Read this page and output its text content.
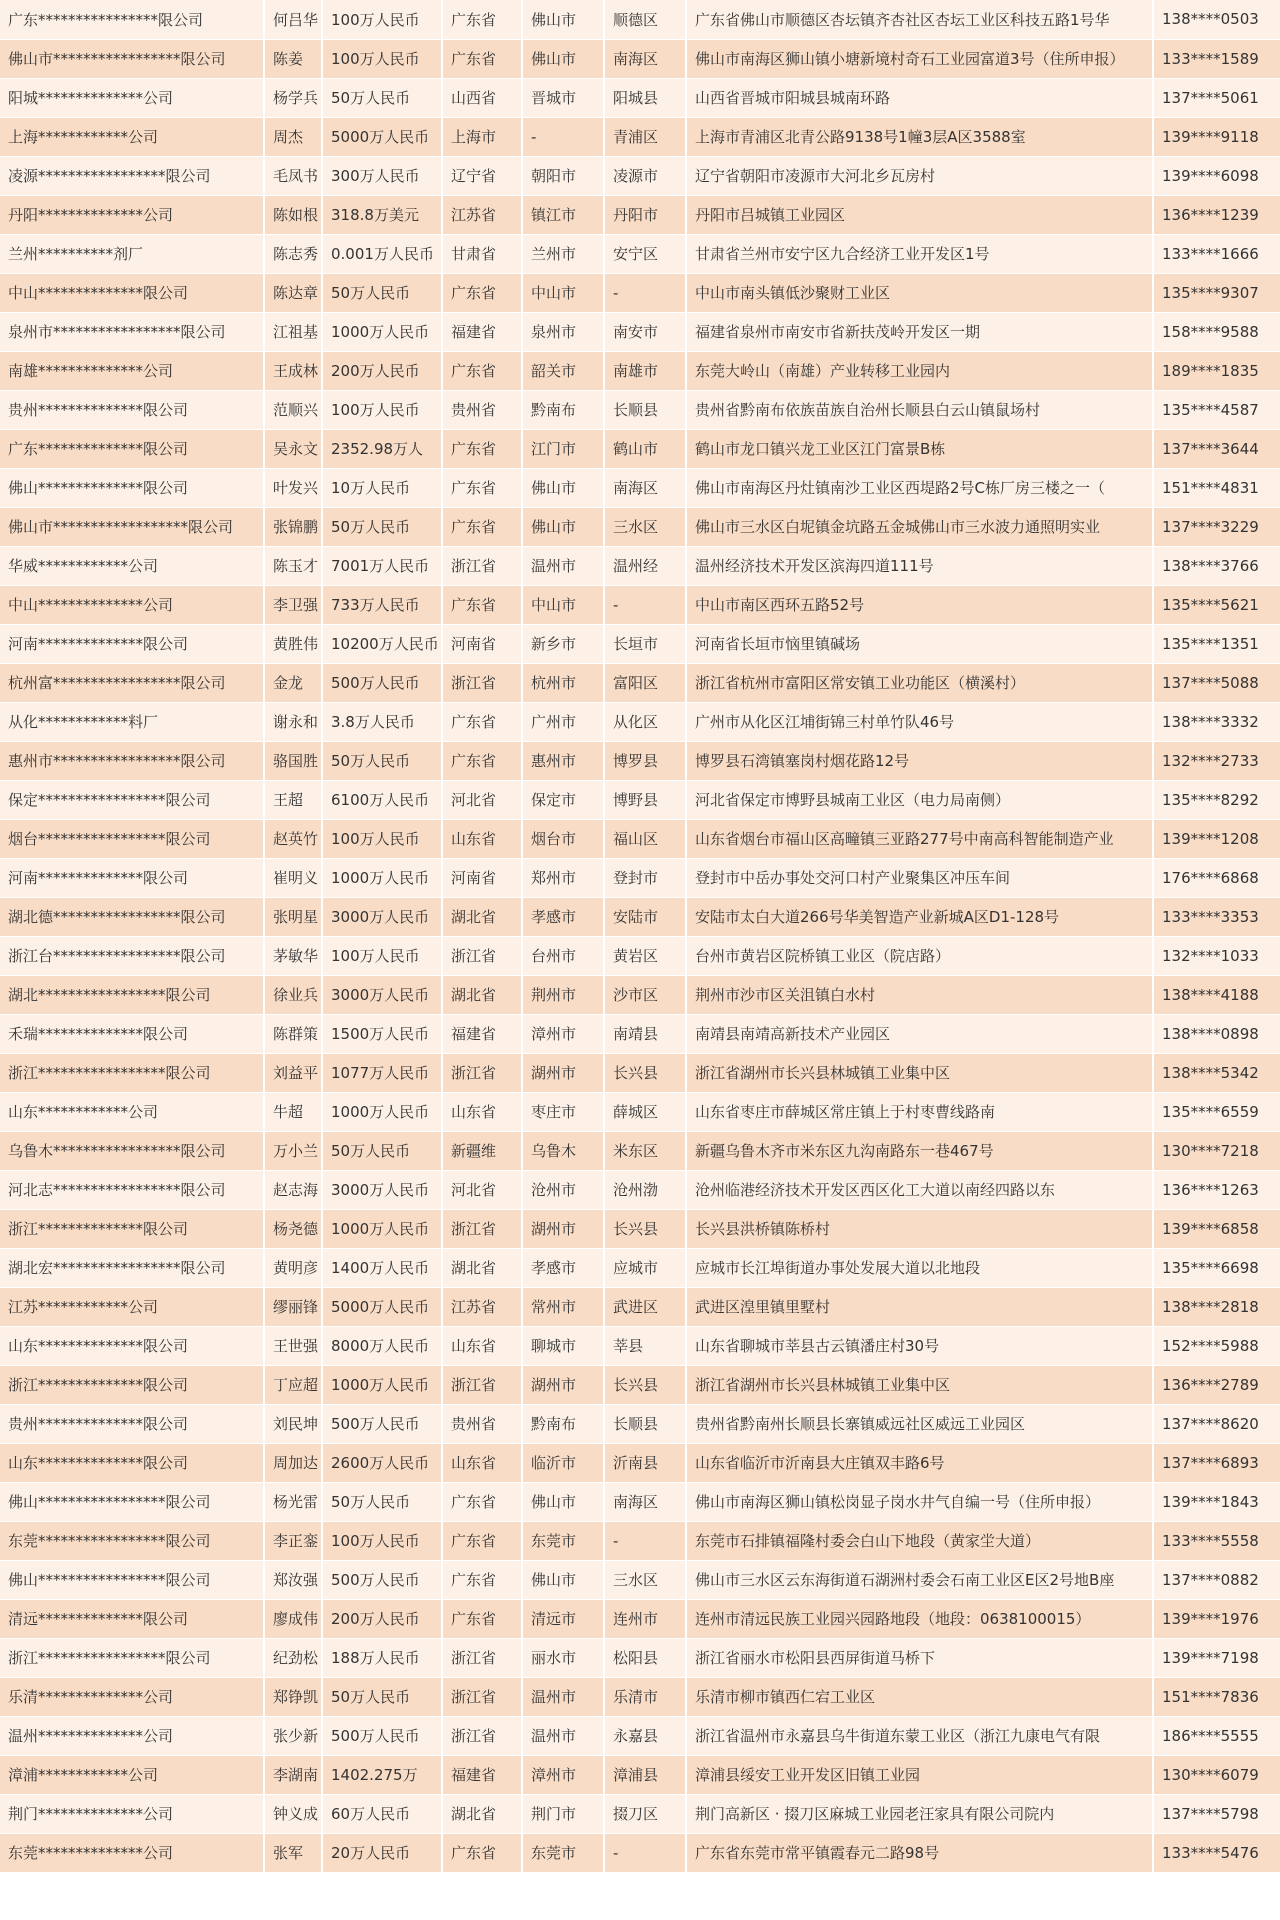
广东****************限公司	何吕华	100万人民币	广东省	佛山市	顺德区	广东省佛山市顺德区杏坛镇齐杏社区杏坛工业区科技五路1号华	138****0503
佛山市*****************限公司	陈姜	100万人民币	广东省	佛山市	南海区	佛山市南海区狮山镇小塘新境村奇石工业园富道3号（住所申报）	133****1589
阳城**************公司	杨学兵	50万人民币	山西省	晋城市	阳城县	山西省晋城市阳城县城南环路	137****5061
上海************公司	周杰	5000万人民币	上海市	-	青浦区	上海市青浦区北青公路9138号1幢3层A区3588室	139****9118
凌源*****************限公司	毛凤书	300万人民币	辽宁省	朝阳市	凌源市	辽宁省朝阳市凌源市大河北乡瓦房村	139****6098
丹阳**************公司	陈如根	318.8万美元	江苏省	镇江市	丹阳市	丹阳市吕城镇工业园区	136****1239
兰州**********剂厂	陈志秀	0.001万人民币	甘肃省	兰州市	安宁区	甘肃省兰州市安宁区九合经济工业开发区1号	133****1666
中山**************限公司	陈达章	50万人民币	广东省	中山市	-	中山市南头镇低沙聚财工业区	135****9307
泉州市*****************限公司	江祖基	1000万人民币	福建省	泉州市	南安市	福建省泉州市南安市省新扶茂岭开发区一期	158****9588
南雄**************公司	王成林	200万人民币	广东省	韶关市	南雄市	东莞大岭山（南雄）产业转移工业园内	189****1835
贵州**************限公司	范顺兴	100万人民币	贵州省	黔南布	长顺县	贵州省黔南布依族苗族自治州长顺县白云山镇鼠场村	135****4587
广东**************限公司	吴永文	2352.98万人	广东省	江门市	鹤山市	鹤山市龙口镇兴龙工业区江门富景B栋	137****3644
佛山**************限公司	叶发兴	10万人民币	广东省	佛山市	南海区	佛山市南海区丹灶镇南沙工业区西堤路2号C栋厂房三楼之一（	151****4831
佛山市******************限公司	张锦鹏	50万人民币	广东省	佛山市	三水区	佛山市三水区白坭镇金坑路五金城佛山市三水波力通照明实业	137****3229
华威************公司	陈玉才	7001万人民币	浙江省	温州市	温州经	温州经济技术开发区滨海四道111号	138****3766
中山**************公司	李卫强	733万人民币	广东省	中山市	-	中山市南区西环五路52号	135****5621
河南**************限公司	黄胜伟	10200万人民币	河南省	新乡市	长垣市	河南省长垣市恼里镇碱场	135****1351
杭州富*****************限公司	金龙	500万人民币	浙江省	杭州市	富阳区	浙江省杭州市富阳区常安镇工业功能区（横溪村）	137****5088
从化************料厂	谢永和	3.8万人民币	广东省	广州市	从化区	广州市从化区江埔街锦三村单竹队46号	138****3332
惠州市*****************限公司	骆国胜	50万人民币	广东省	惠州市	博罗县	博罗县石湾镇塞岗村烟花路12号	132****2733
保定*****************限公司	王超	6100万人民币	河北省	保定市	博野县	河北省保定市博野县城南工业区（电力局南侧）	135****8292
烟台*****************限公司	赵英竹	100万人民币	山东省	烟台市	福山区	山东省烟台市福山区高疃镇三亚路277号中南高科智能制造产业	139****1208
河南**************限公司	崔明义	1000万人民币	河南省	郑州市	登封市	登封市中岳办事处交河口村产业聚集区冲压车间	176****6868
湖北德*****************限公司	张明星	3000万人民币	湖北省	孝感市	安陆市	安陆市太白大道266号华美智造产业新城A区D1-128号	133****3353
浙江台*****************限公司	茅敏华	100万人民币	浙江省	台州市	黄岩区	台州市黄岩区院桥镇工业区（院店路）	132****1033
湖北*****************限公司	徐业兵	3000万人民币	湖北省	荆州市	沙市区	荆州市沙市区关沮镇白水村	138****4188
禾瑞**************限公司	陈群策	1500万人民币	福建省	漳州市	南靖县	南靖县南靖高新技术产业园区	138****0898
浙江*****************限公司	刘益平	1077万人民币	浙江省	湖州市	长兴县	浙江省湖州市长兴县林城镇工业集中区	138****5342
山东************公司	牛超	1000万人民币	山东省	枣庄市	薛城区	山东省枣庄市薛城区常庄镇上于村枣曹线路南	135****6559
乌鲁木*****************限公司	万小兰	50万人民币	新疆维	乌鲁木	米东区	新疆乌鲁木齐市米东区九沟南路东一巷467号	130****7218
河北志*****************限公司	赵志海	3000万人民币	河北省	沧州市	沧州渤	沧州临港经济技术开发区西区化工大道以南经四路以东	136****1263
浙江**************限公司	杨尧德	1000万人民币	浙江省	湖州市	长兴县	长兴县洪桥镇陈桥村	139****6858
湖北宏*****************限公司	黄明彦	1400万人民币	湖北省	孝感市	应城市	应城市长江埠街道办事处发展大道以北地段	135****6698
江苏************公司	缪丽锋	5000万人民币	江苏省	常州市	武进区	武进区湟里镇里墅村	138****2818
山东**************限公司	王世强	8000万人民币	山东省	聊城市	莘县	山东省聊城市莘县古云镇潘庄村30号	152****5988
浙江**************限公司	丁应超	1000万人民币	浙江省	湖州市	长兴县	浙江省湖州市长兴县林城镇工业集中区	136****2789
贵州**************限公司	刘民坤	500万人民币	贵州省	黔南布	长顺县	贵州省黔南州长顺县长寨镇威远社区威远工业园区	137****8620
山东**************限公司	周加达	2600万人民币	山东省	临沂市	沂南县	山东省临沂市沂南县大庄镇双丰路6号	137****6893
佛山*****************限公司	杨光雷	50万人民币	广东省	佛山市	南海区	佛山市南海区狮山镇松岗显子岗水井气自编一号（住所申报）	139****1843
东莞*****************限公司	李正銮	100万人民币	广东省	东莞市	-	东莞市石排镇福隆村委会白山下地段（黄家坣大道）	133****5558
佛山*****************限公司	郑汝强	500万人民币	广东省	佛山市	三水区	佛山市三水区云东海街道石湖洲村委会石南工业区E区2号地B座	137****0882
清远**************限公司	廖成伟	200万人民币	广东省	清远市	连州市	连州市清远民族工业园兴园路地段（地段：0638100015）	139****1976
浙江*****************限公司	纪劲松	188万人民币	浙江省	丽水市	松阳县	浙江省丽水市松阳县西屏街道马桥下	139****7198
乐清**************公司	郑铮凯	50万人民币	浙江省	温州市	乐清市	乐清市柳市镇西仁宕工业区	151****7836
温州**************公司	张少新	500万人民币	浙江省	温州市	永嘉县	浙江省温州市永嘉县乌牛街道东蒙工业区（浙江九康电气有限	186****5555
漳浦************公司	李湖南	1402.275万	福建省	漳州市	漳浦县	漳浦县绥安工业开发区旧镇工业园	130****6079
荆门**************公司	钟义成	60万人民币	湖北省	荆门市	掇刀区	荆门高新区 · 掇刀区麻城工业园老汪家具有限公司院内	137****5798
东莞**************公司	张军	20万人民币	广东省	东莞市	-	广东省东莞市常平镇霞春元二路98号	133****5476
